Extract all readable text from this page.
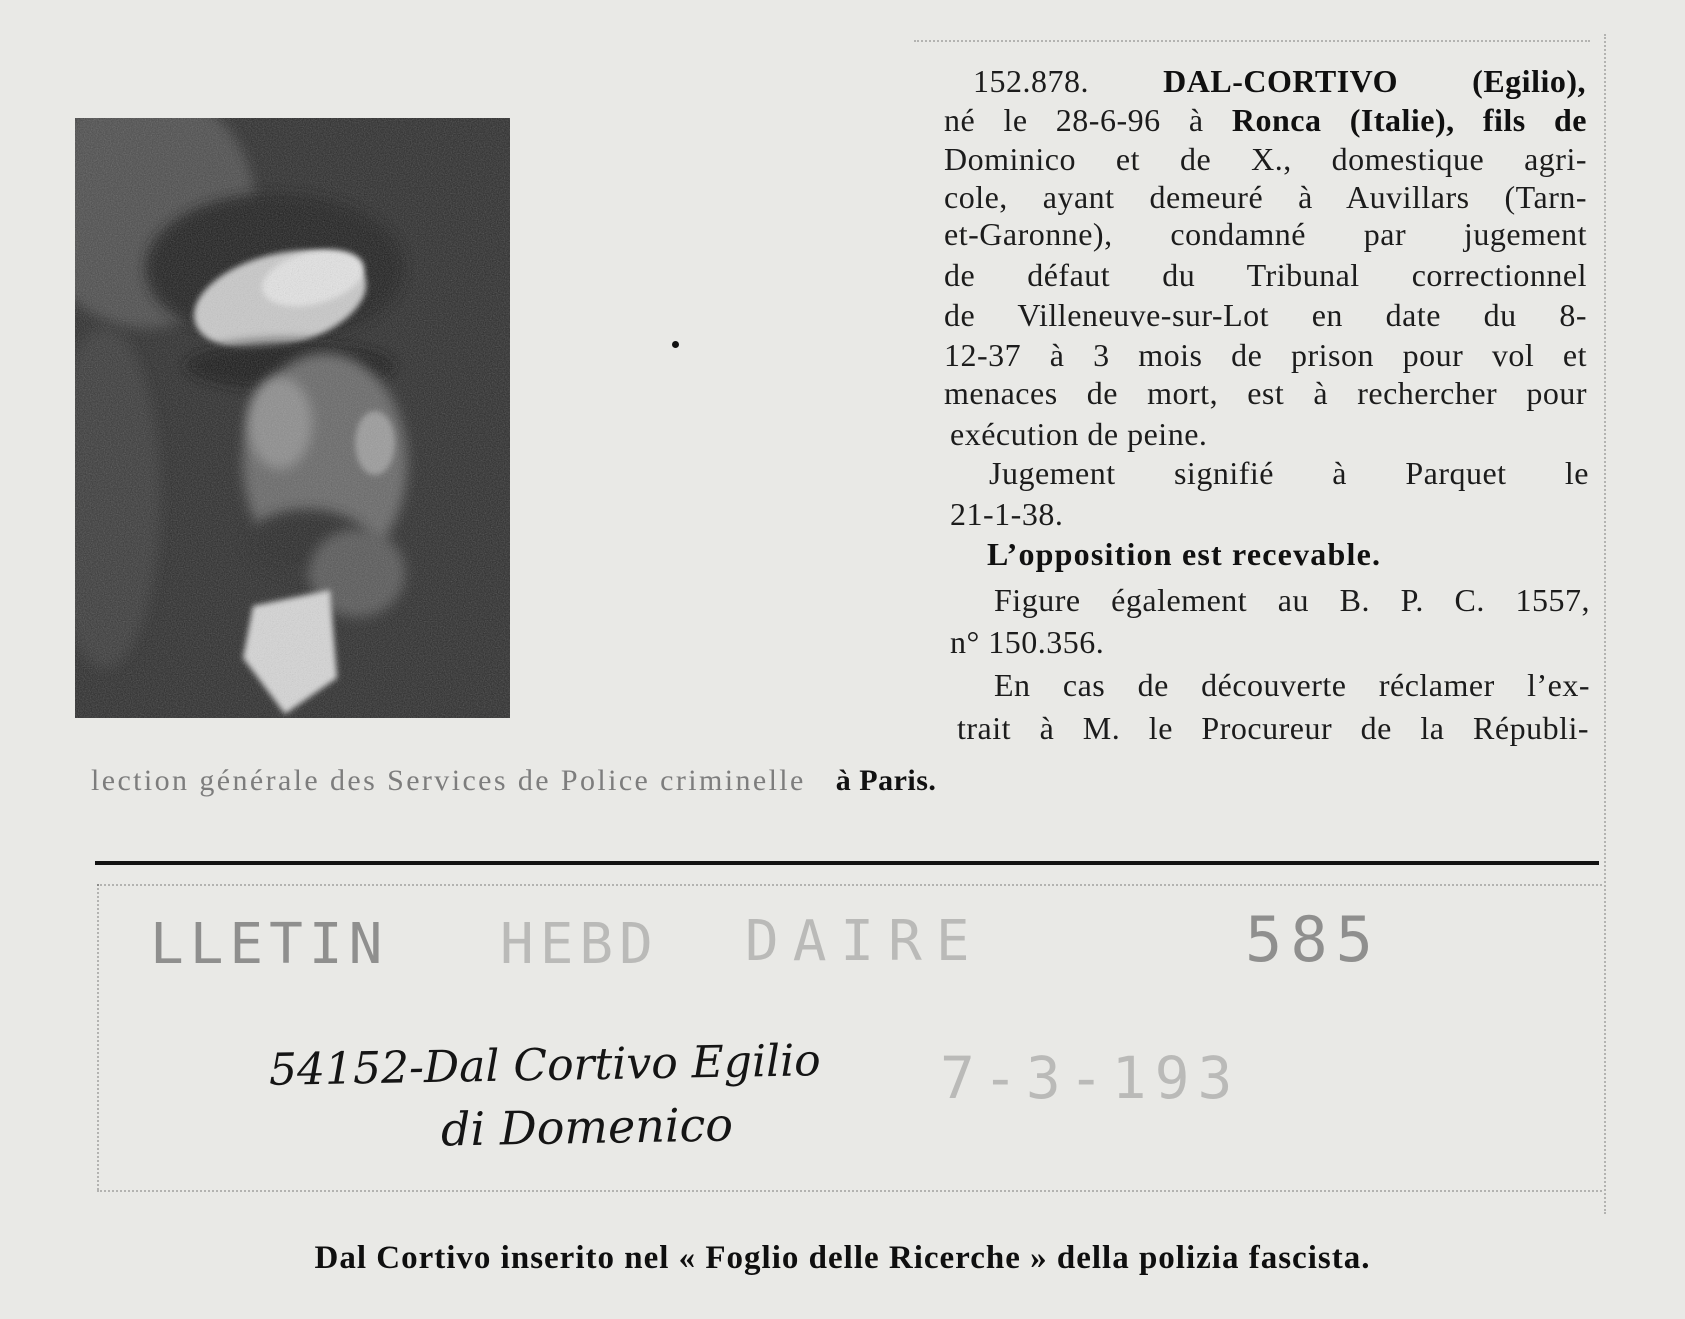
152.878. DAL-CORTIVO (Egilio),
né le 28-6-96 à Ronca (Italie), fils de
Dominico et de X., domestique agri-
cole, ayant demeuré à Auvillars (Tarn-
et-Garonne), condamné par jugement
de défaut du Tribunal correctionnel
de Villeneuve-sur-Lot en date du 8-
12-37 à 3 mois de prison pour vol et
menaces de mort, est à rechercher pour
exécution de peine.
Jugement signifié à Parquet le
21-1-38.
L’opposition est recevable.
Figure également au B. P. C. 1557,
n° 150.356.
En cas de découverte réclamer l’ex-
trait à M. le Procureur de la Républi-
lection générale des Services de Police criminelle à Paris.
LLETIN HEBD DAIRE	585
7-3-193
54152-Dal Cortivo Egilio
di Domenico
Dal Cortivo inserito nel « Foglio delle Ricerche » della polizia fascista.
